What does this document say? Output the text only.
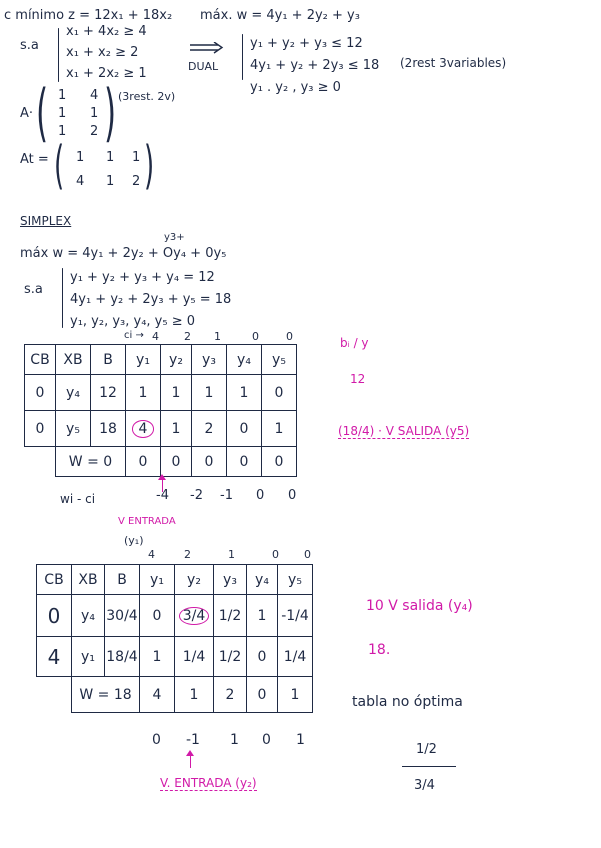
c mínimo z = 12x₁ + 18x₂ máx. w = 4y₁ + 2y₂ + y₃
s.a
x₁ + 4x₂ ≥ 4
x₁ + x₂ ≥ 2
x₁ + 2x₂ ≥ 1	DUAL
y₁ + y₂ + y₃ ≤ 12
4y₁ + y₂ + 2y₃ ≤ 18
y₁ . y₂ , y₃ ≥ 0
(2rest 3variables)
A· ( 1 4
1 1
1 2 ) (3rest. 2v)
At = ( 1 1 1
4 1 2 )
SIMPLEX
y3+
máx w = 4y₁ + 2y₂ + Oy₄ + 0y₅
s.a
y₁ + y₂ + y₃ + y₄ = 12
4y₁ + y₂ + 2y₃ + y₅ = 18
y₁, y₂, y₃, y₄, y₅ ≥ 0
ci → 4 2 1	0 0
CB	XB	B	y₁	y₂	y₃	y₄	y₅
0	y₄	12	1	1	1	1	0
0	y₅	18	4	1	2	0	1
	W = 0		0	0	0	0	0
wi - ci	-4 -2 -1 0 0
V ENTRADA
(y₁)
bᵢ / y
12
(18/4) · V SALIDA (y5)
4	2	1	0 0
CB	XB	B	y₁	y₂	y₃	y₄	y₅
0	y₄	30/4	0	3/4	1/2	1	-1/4
4	y₁	18/4	1	1/4	1/2	0	1/4
	W = 18		4	1	2	0	1
0 -1 1 0 1
V. ENTRADA (y₂)
10 V salida (y₄)
18.
tabla no óptima
1/2
3/4
